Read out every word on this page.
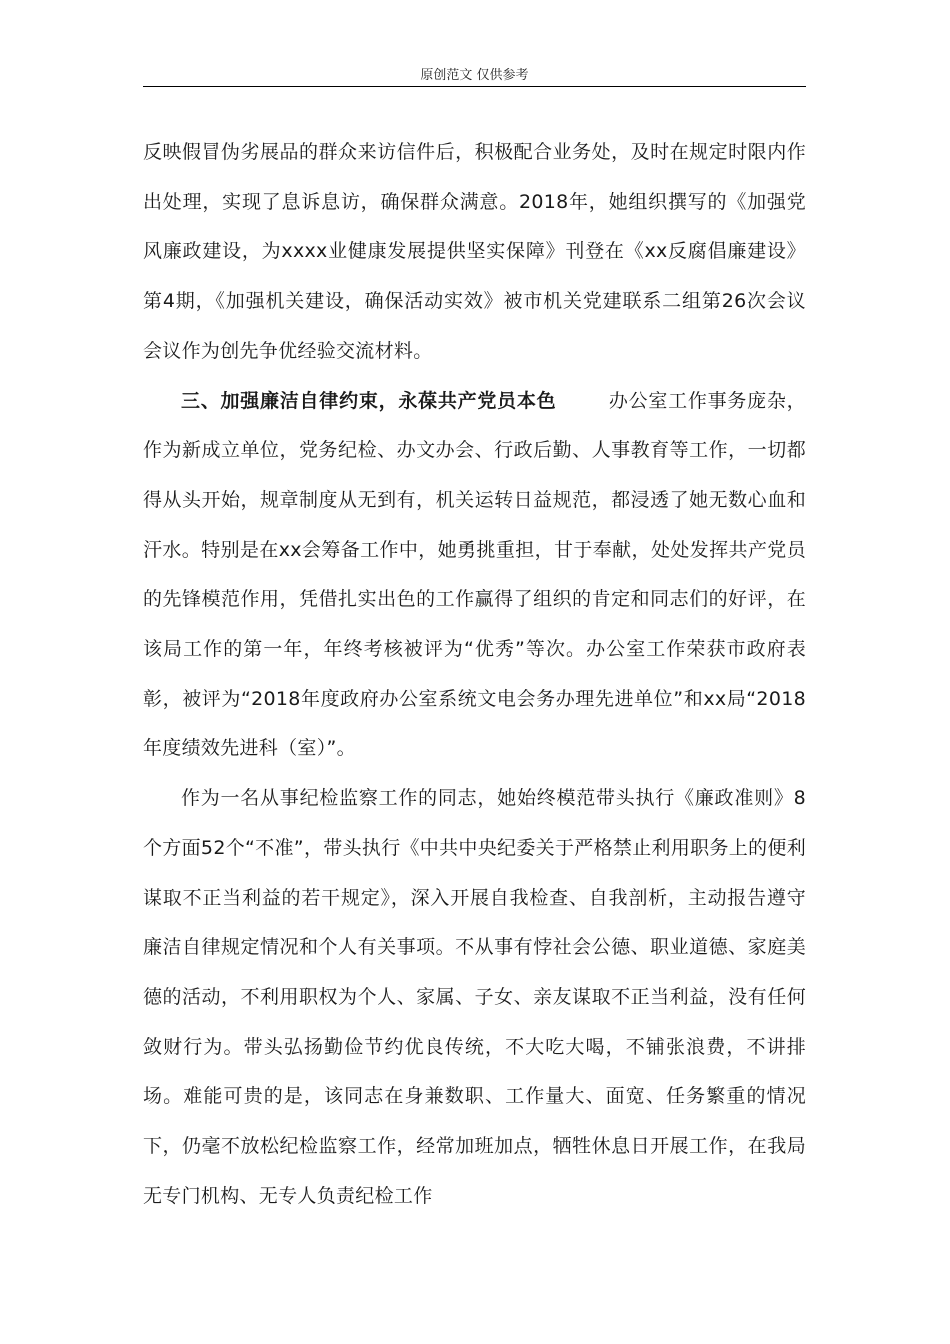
原创范文 仅供参考

反映假冒伪劣展品的群众来访信件后，积极配合业务处，及时在规定时限内作出处理，实现了息诉息访，确保群众满意。2018年，她组织撰写的《加强党风廉政建设，为xxxx业健康发展提供坚实保障》刊登在《xx反腐倡廉建设》第4期，《加强机关建设，确保活动实效》被市机关党建联系二组第26次会议会议作为创先争优经验交流材料。

三、加强廉洁自律约束，永葆共产党员本色	办公室工作事务庞杂，作为新成立单位，党务纪检、办文办会、行政后勤、人事教育等工作，一切都得从头开始，规章制度从无到有，机关运转日益规范，都浸透了她无数心血和汗水。特别是在xx会筹备工作中，她勇挑重担，甘于奉献，处处发挥共产党员的先锋模范作用，凭借扎实出色的工作赢得了组织的肯定和同志们的好评，在该局工作的第一年，年终考核被评为“优秀”等次。办公室工作荣获市政府表彰，被评为“2018年度政府办公室系统文电会务办理先进单位”和xx局“2018年度绩效先进科（室）”。

作为一名从事纪检监察工作的同志，她始终模范带头执行《廉政准则》8个方面52个“不准”，带头执行《中共中央纪委关于严格禁止利用职务上的便利谋取不正当利益的若干规定》，深入开展自我检查、自我剖析，主动报告遵守廉洁自律规定情况和个人有关事项。不从事有悖社会公德、职业道德、家庭美德的活动，不利用职权为个人、家属、子女、亲友谋取不正当利益，没有任何敛财行为。带头弘扬勤俭节约优良传统，不大吃大喝，不铺张浪费，不讲排场。难能可贵的是，该同志在身兼数职、工作量大、面宽、任务繁重的情况下，仍毫不放松纪检监察工作，经常加班加点，牺牲休息日开展工作，在我局无专门机构、无专人负责纪检工作
